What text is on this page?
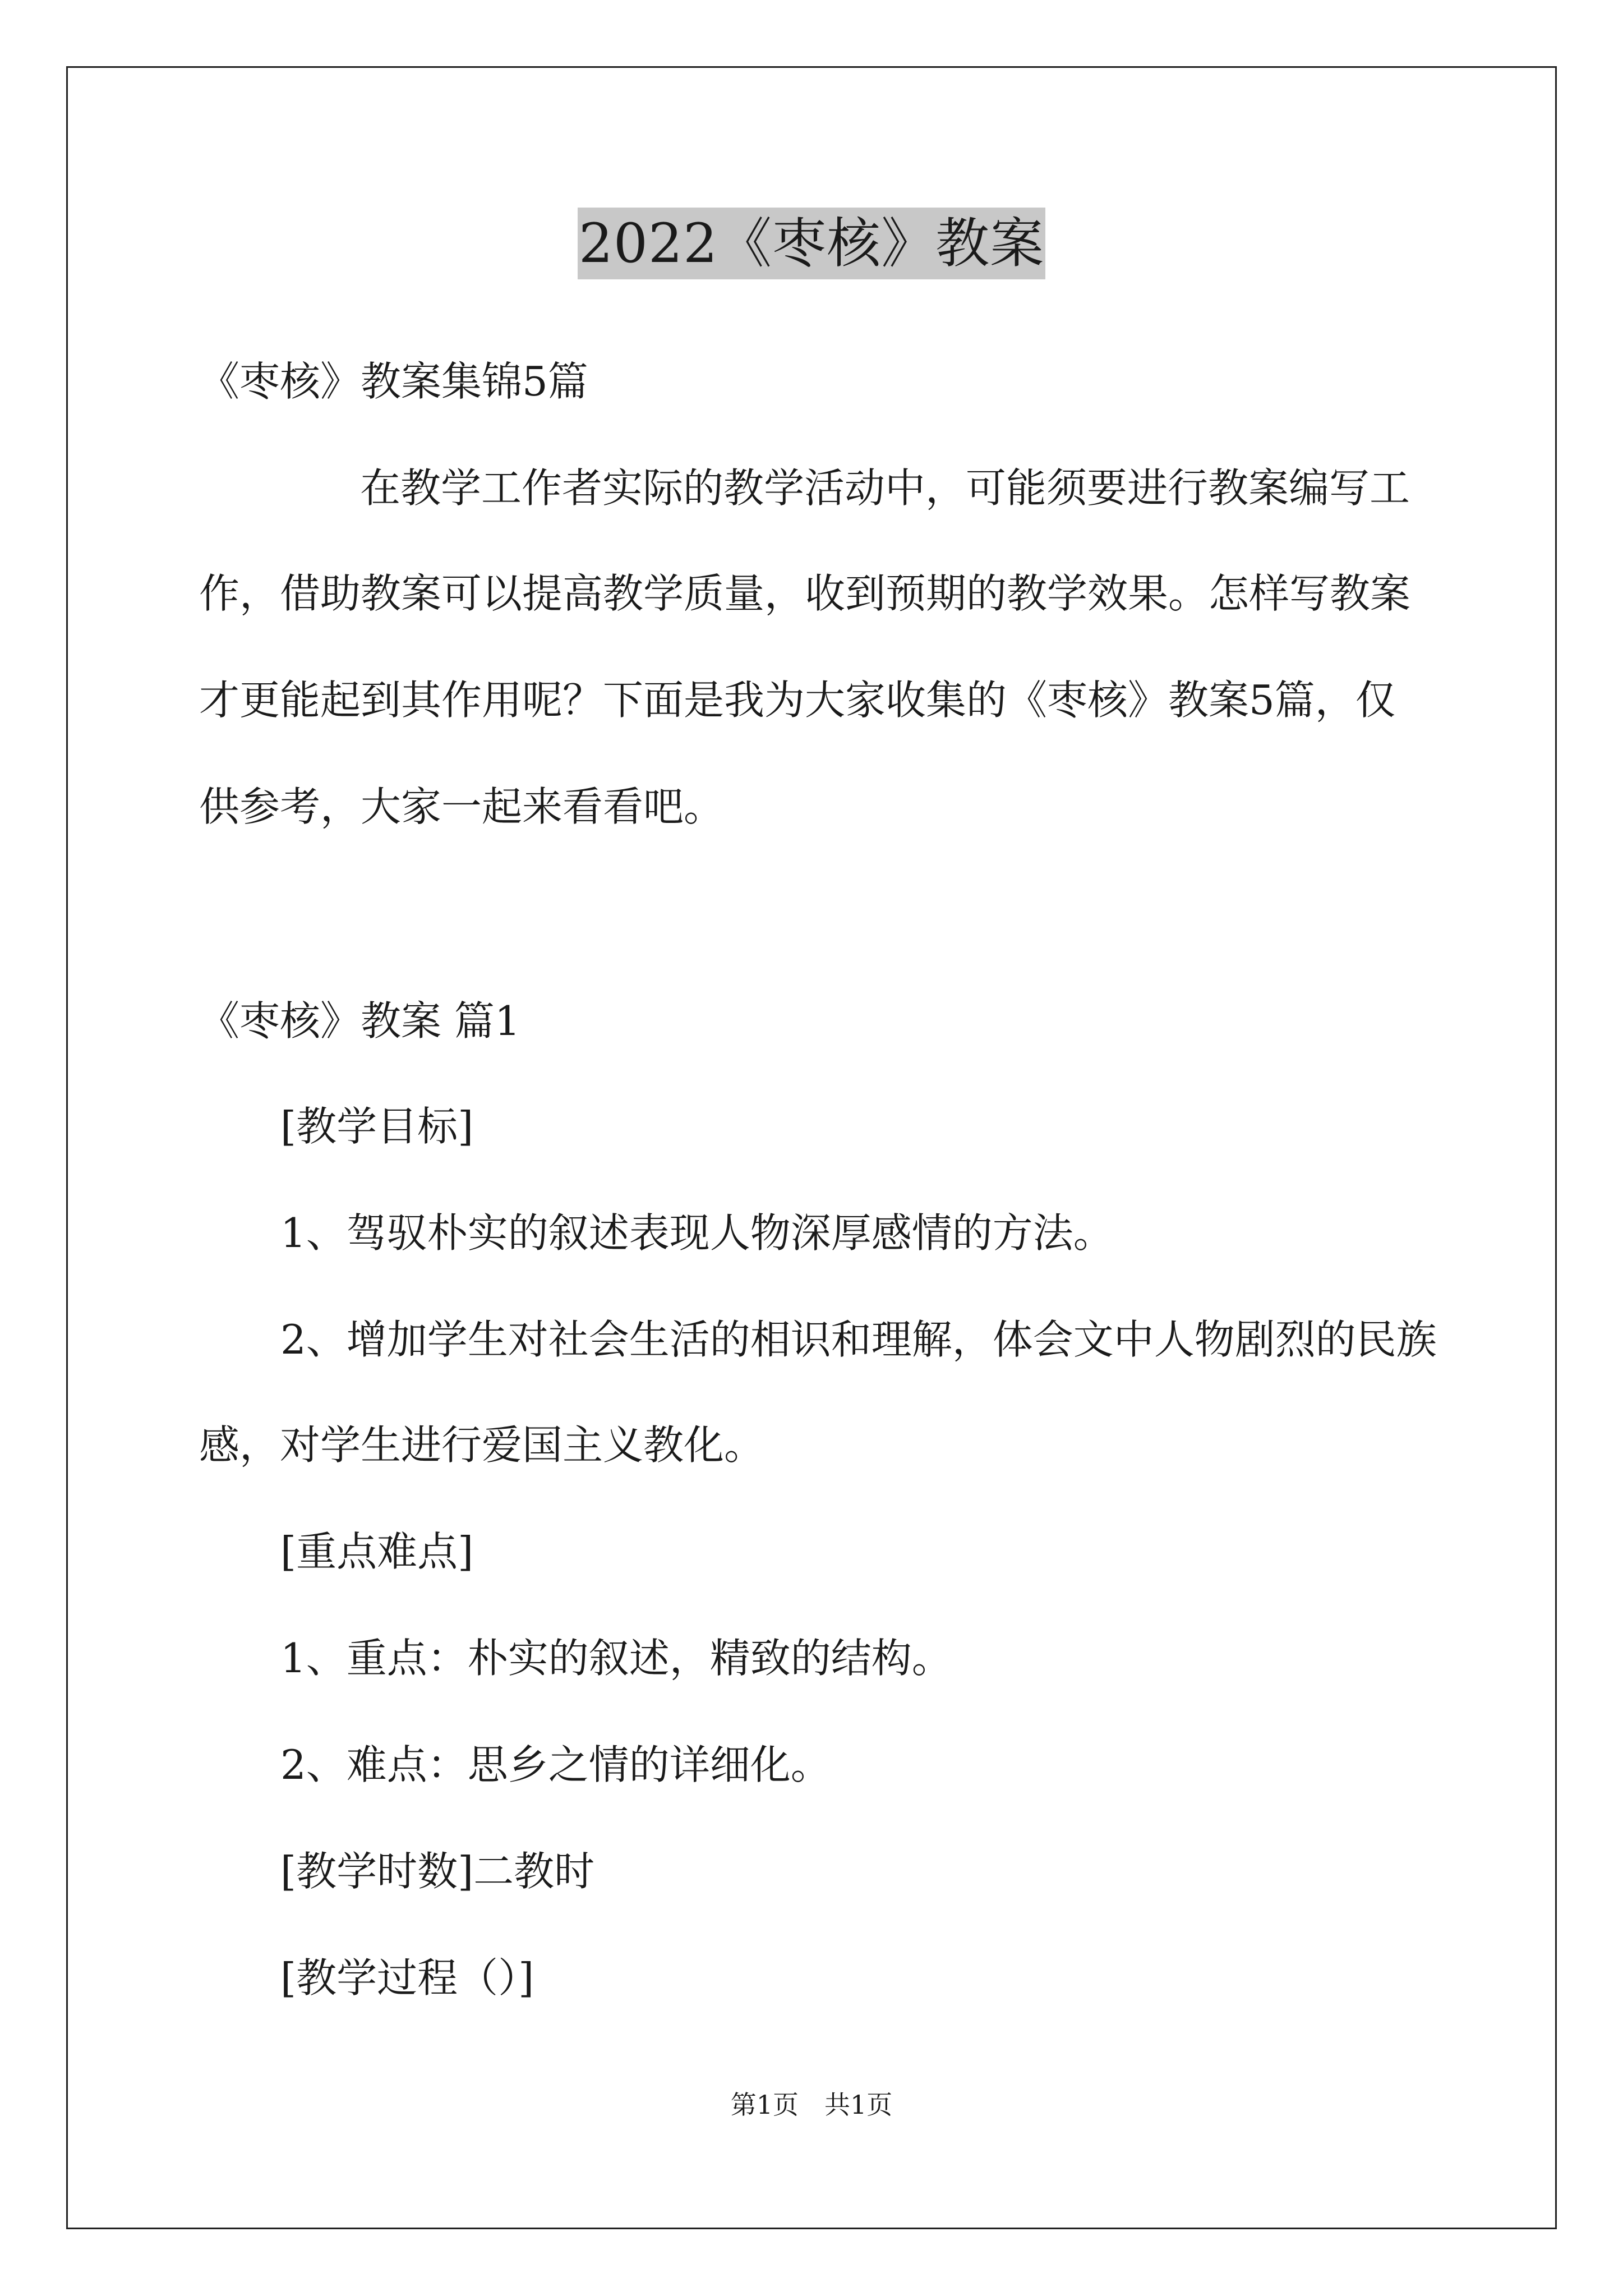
2022《枣核》教案
《枣核》教案集锦5篇
在教学工作者实际的教学活动中，可能须要进行教案编写工
作，借助教案可以提高教学质量，收到预期的教学效果。怎样写教案
才更能起到其作用呢？下面是我为大家收集的《枣核》教案5篇，仅
供参考，大家一起来看看吧。
《枣核》教案 篇1
[教学目标]
1、驾驭朴实的叙述表现人物深厚感情的方法。
2、增加学生对社会生活的相识和理解，体会文中人物剧烈的民族
感，对学生进行爱国主义教化。
[重点难点]
1、重点：朴实的叙述，精致的结构。
2、难点：思乡之情的详细化。
[教学时数]二教时
[教学过程（）]
第1页 共1页
